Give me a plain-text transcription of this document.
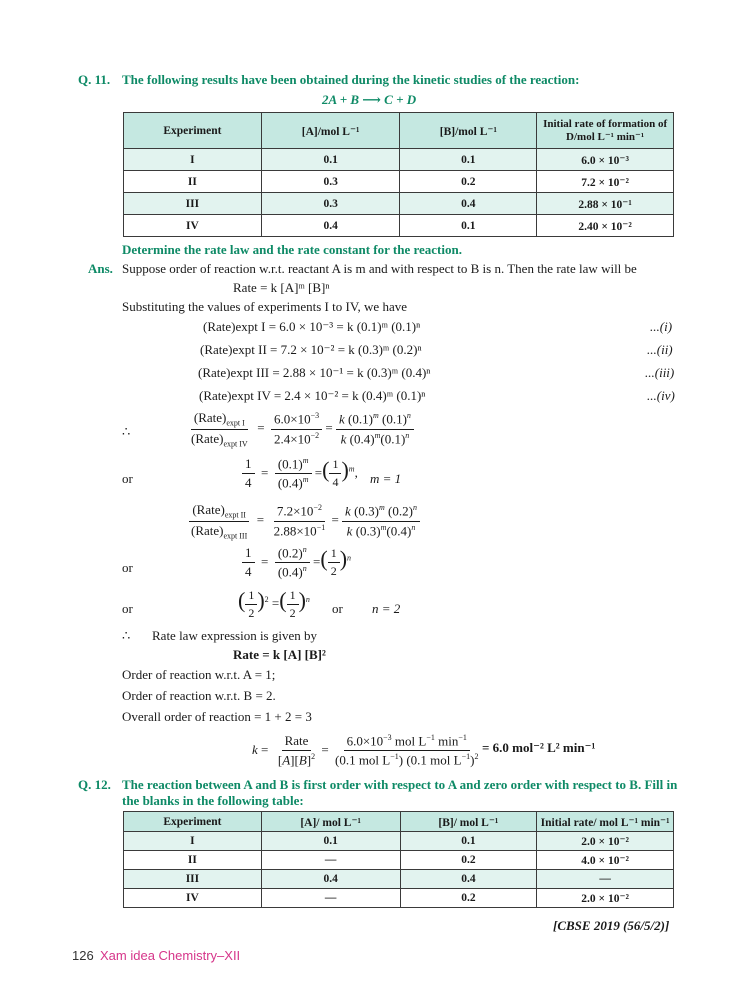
Q. 11. The following results have been obtained during the kinetic studies of the reaction:
2A + B ⟶ C + D
Experiment	[A]/mol L⁻¹	[B]/mol L⁻¹	Initial rate of formation of D/mol L⁻¹ min⁻¹
I	0.1	0.1	6.0 × 10⁻³
II	0.3	0.2	7.2 × 10⁻²
III	0.3	0.4	2.88 × 10⁻¹
IV	0.4	0.1	2.40 × 10⁻²
Determine the rate law and the rate constant for the reaction.
Ans. Suppose order of reaction w.r.t. reactant A is m and with respect to B is n. Then the rate law will be
Rate = k [A]ᵐ [B]ⁿ
Substituting the values of experiments I to IV, we have
(Rate)expt I = 6.0 × 10⁻³ = k (0.1)ᵐ (0.1)ⁿ	...(i)
(Rate)expt II = 7.2 × 10⁻² = k (0.3)ᵐ (0.2)ⁿ	...(ii)
(Rate)expt III = 2.88 × 10⁻¹ = k (0.3)ᵐ (0.4)ⁿ	...(iii)
(Rate)expt IV = 2.4 × 10⁻² = k (0.4)ᵐ (0.1)ⁿ	...(iv)
∴	$\frac{(Rate)_{expt I}}{(Rate)_{expt IV}} = \frac{6.0\times 10^{-3}}{2.4\times 10^{-2}} = \frac{k (0.1)^m (0.1)^n}{k (0.4)^m(0.1)^n}$
or	$\frac{1}{4} = \frac{(0.1)^m}{(0.4)^m}$ =( $\frac{1}{4} )^m$, m = 1
$\frac{(Rate)_{expt II}}{(Rate)_{expt III}} = \frac{7.2\times 10^{-2}}{2.88\times 10^{-1}} = \frac{k (0.3)^m (0.2)^n}{k (0.3)^m(0.4)^n}$
or	$\frac{1}{4} = \frac{(0.2)^n}{(0.4)^n}$ =( $\frac{1}{2} )^n$
or	( $\frac{1}{2} )^2$ =( $\frac{1}{2} )^n$
or n = 2
∴ Rate law expression is given by
Rate = k [A] [B]²
Order of reaction w.r.t. A = 1;
Order of reaction w.r.t. B = 2.
Overall order of reaction = 1 + 2 = 3
$k = \frac{\text{Rate}}{[A][B]^2} = \frac{6.0\times 10^{-3} mol L^{-1} \min^{-1}}{(0.1 mol L^{-1}) (0.1 mol L^{-1})^2} = 6.0$ mol⁻² L² min⁻¹
Q. 12. The reaction between A and B is first order with respect to A and zero order with respect to B. Fill in
the blanks in the following table:
Experiment	[A]/ mol L⁻¹	[B]/ mol L⁻¹	Initial rate/ mol L⁻¹ min⁻¹
I	0.1	0.1	2.0 × 10⁻²
II	—	0.2	4.0 × 10⁻²
III	0.4	0.4	—
IV	—	0.2	2.0 × 10⁻²
[CBSE 2019 (56/5/2)]
126 Xam idea Chemistry–XII
